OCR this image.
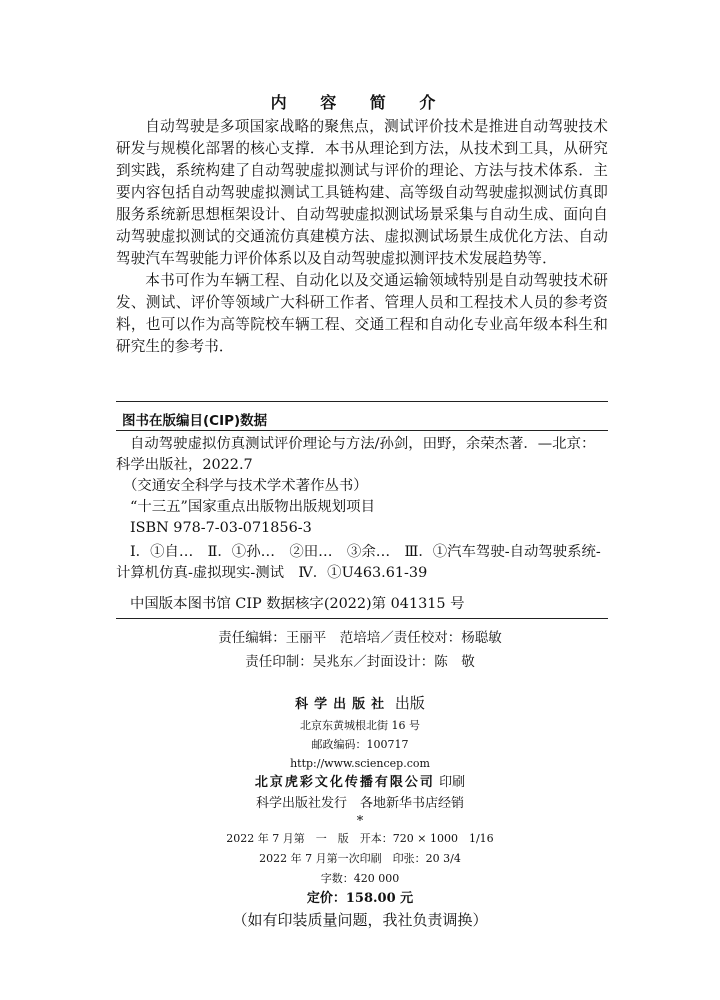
内 容 简 介

自动驾驶是多项国家战略的聚焦点，测试评价技术是推进自动驾驶技术研发与规模化部署的核心支撑．本书从理论到方法，从技术到工具，从研究到实践，系统构建了自动驾驶虚拟测试与评价的理论、方法与技术体系．主要内容包括自动驾驶虚拟测试工具链构建、高等级自动驾驶虚拟测试仿真即服务系统新思想框架设计、自动驾驶虚拟测试场景采集与自动生成、面向自动驾驶虚拟测试的交通流仿真建模方法、虚拟测试场景生成优化方法、自动驾驶汽车驾驶能力评价体系以及自动驾驶虚拟测评技术发展趋势等．

本书可作为车辆工程、自动化以及交通运输领域特别是自动驾驶技术研发、测试、评价等领域广大科研工作者、管理人员和工程技术人员的参考资料，也可以作为高等院校车辆工程、交通工程和自动化专业高年级本科生和研究生的参考书．

图书在版编目(CIP)数据
自动驾驶虚拟仿真测试评价理论与方法/孙剑，田野，余荣杰著．—北京：
科学出版社，2022.7
（交通安全科学与技术学术著作丛书）
“十三五”国家重点出版物出版规划项目
ISBN 978-7-03-071856-3
Ⅰ．①自…　Ⅱ．①孙…　②田…　③余…　Ⅲ．①汽车驾驶-自动驾驶系统-
计算机仿真-虚拟现实-测试　Ⅳ．①U463.61-39
中国版本图书馆 CIP 数据核字(2022)第 041315 号
责任编辑：王丽平　范培培／责任校对：杨聪敏
责任印制：吴兆东／封面设计：陈　敬
科学出版社 出版
北京东黄城根北街 16 号
邮政编码：100717
http://www.sciencep.com
北京虎彩文化传播有限公司 印刷
科学出版社发行　各地新华书店经销
*
2022 年 7 月第　一　版　开本：720 × 1000　1/16
2022 年 7 月第一次印刷　印张：20 3/4
字数：420 000
定价：158.00 元
（如有印装质量问题，我社负责调换）
